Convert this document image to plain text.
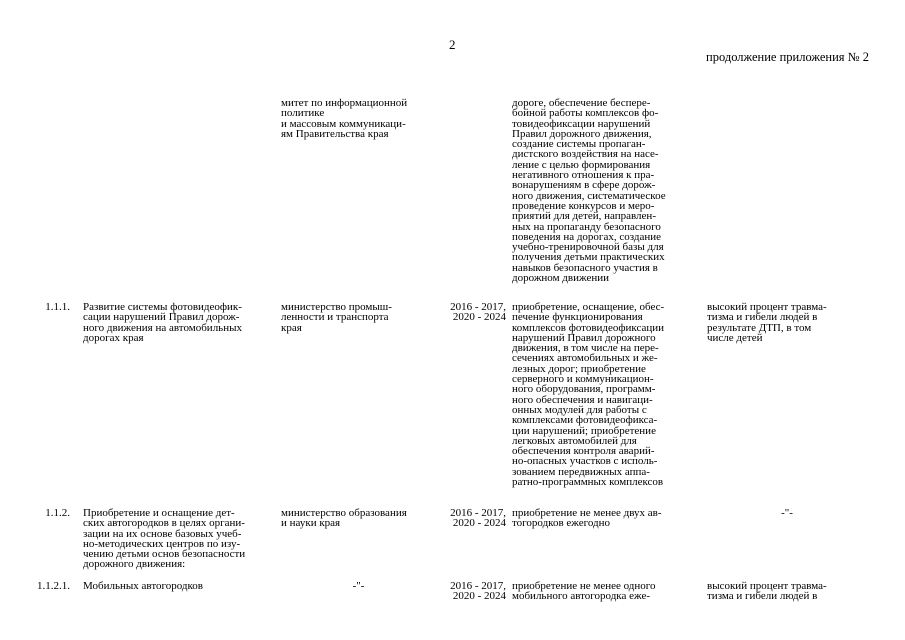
2
продолжение приложения № 2
митет по информационной
политике
и массовым коммуникаци-
ям Правительства края
дороге, обеспечение беспере-
бойной работы комплексов фо-
товидеофиксации нарушений
Правил дорожного движения,
создание системы пропаган-
дистского воздействия на насе-
ление с целью формирования
негативного отношения к пра-
вонарушениям в сфере дорож-
ного движения, систематическое
проведение конкурсов и меро-
приятий для детей, направлен-
ных на пропаганду безопасного
поведения на дорогах, создание
учебно-тренировочной базы для
получения детьми практических
навыков безопасного участия в
дорожном движении
1.1.1. Развитие системы фотовидеофик-
сации нарушений Правил дорож-
ного движения на автомобильных
дорогах края
министерство промыш-
ленности и транспорта
края
2016 - 2017,
2020 - 2024
приобретение, оснащение, обес-
печение функционирования
комплексов фотовидеофиксации
нарушений Правил дорожного
движения, в том числе на пере-
сечениях автомобильных и же-
лезных дорог; приобретение
серверного и коммуникацион-
ного оборудования, программ-
ного обеспечения и навигаци-
онных модулей для работы с
комплексами фотовидеофикса-
ции нарушений; приобретение
легковых автомобилей для
обеспечения контроля аварий-
но-опасных участков с исполь-
зованием передвижных аппа-
ратно-программных комплексов
высокий процент травма-
тизма и гибели людей в
результате ДТП, в том
числе детей
1.1.2. Приобретение и оснащение дет-
ских автогородков в целях органи-
зации на их основе базовых учеб-
но-методических центров по изу-
чению детьми основ безопасности
дорожного движения:
министерство образования
и науки края
2016 - 2017,
2020 - 2024
приобретение не менее двух ав-
тогородков ежегодно
-"-
1.1.2.1. Мобильных автогородков	-"-	2016 - 2017,
2020 - 2024
приобретение не менее одного
мобильного автогородка еже-
высокий процент травма-
тизма и гибели людей в
